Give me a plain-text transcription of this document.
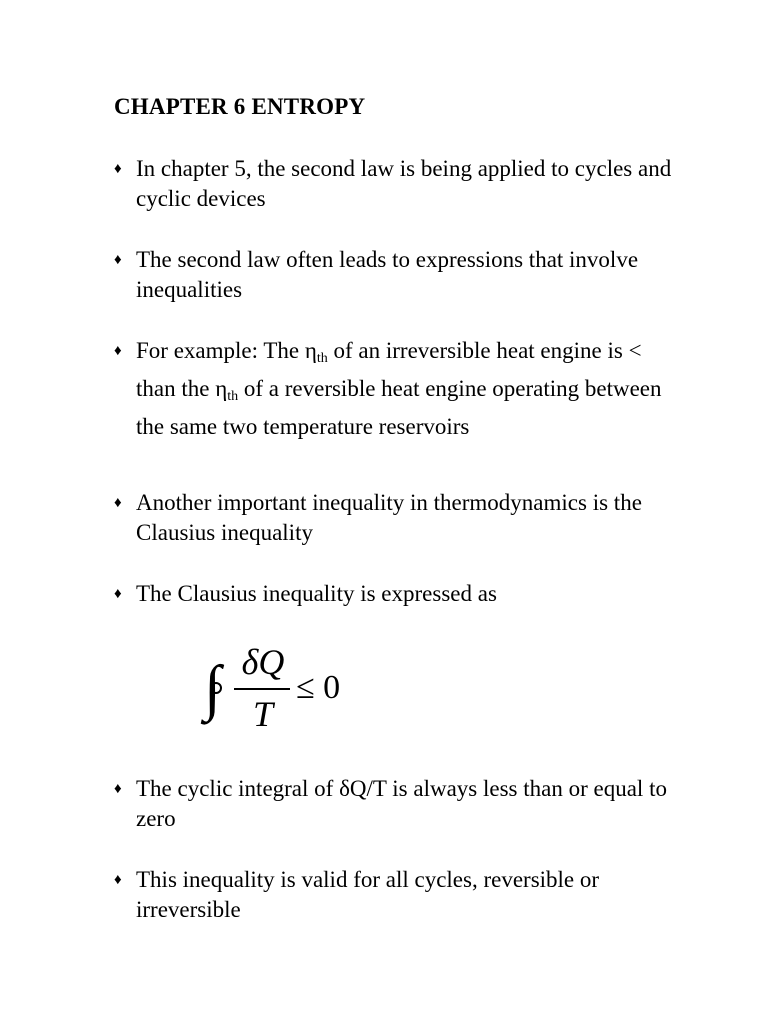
CHAPTER 6 ENTROPY
♦ In chapter 5, the second law is being applied to cycles and cyclic devices
♦ The second law often leads to expressions that involve inequalities
♦ For example: The $\eta_{th}$ of an irreversible heat engine is < than the $\eta_{th}$ of a reversible heat engine operating between the same two temperature reservoirs
♦ Another important inequality in thermodynamics is the Clausius inequality
♦ The Clausius inequality is expressed as
∫ δQ
T
≤ 0
♦ The cyclic integral of δQ/T is always less than or equal to zero
♦ This inequality is valid for all cycles, reversible or irreversible
